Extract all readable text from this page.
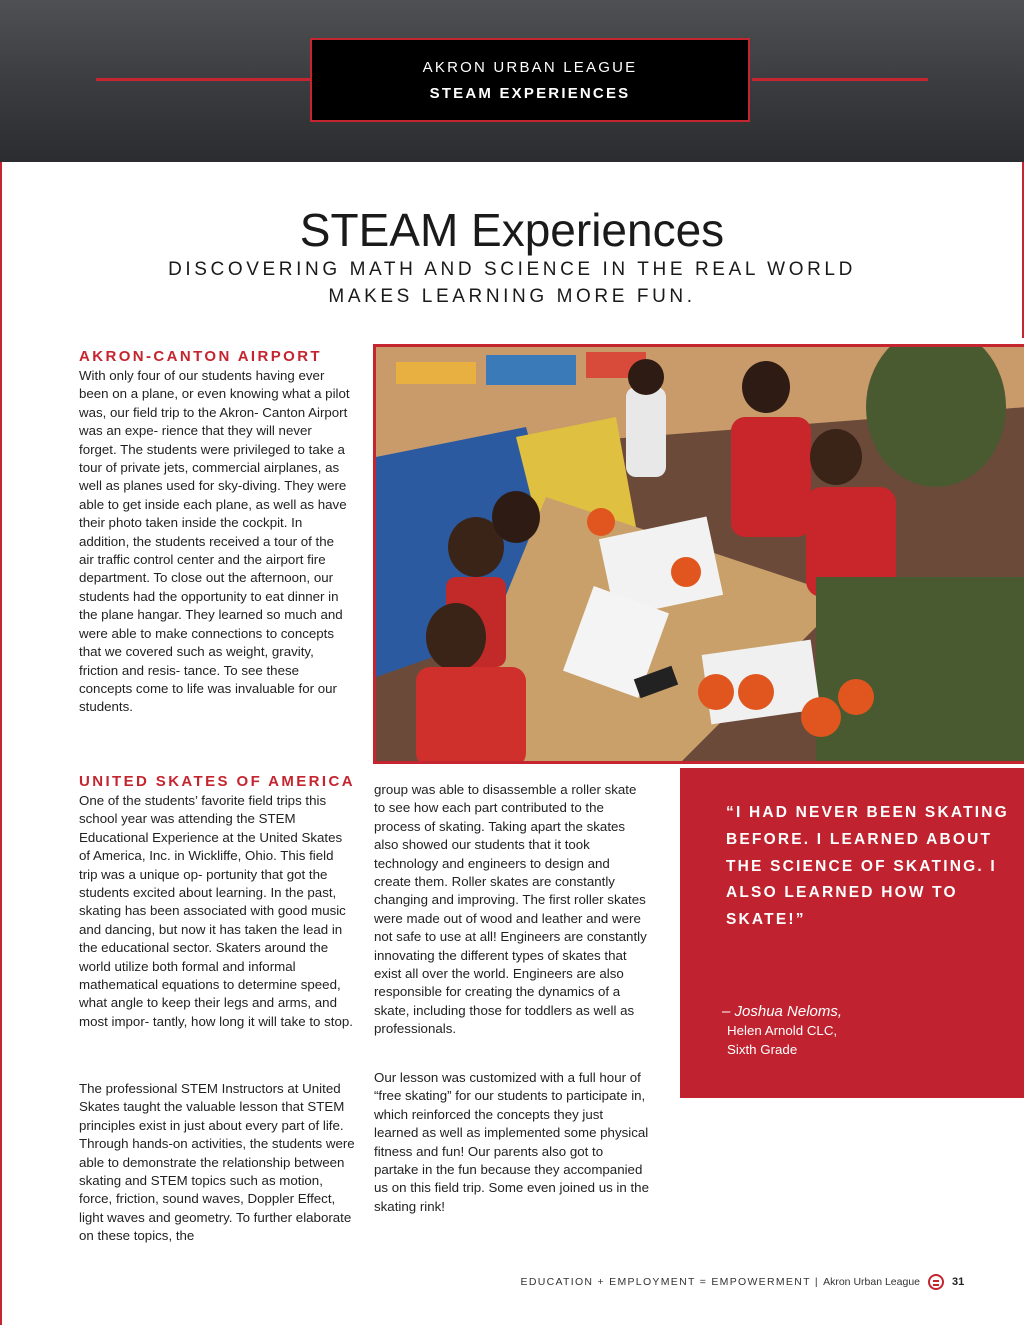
AKRON URBAN LEAGUE
STEAM EXPERIENCES
STEAM Experiences
DISCOVERING MATH AND SCIENCE IN THE REAL WORLD MAKES LEARNING MORE FUN.
AKRON-CANTON AIRPORT
With only four of our students having ever been on a plane, or even knowing what a pilot was, our field trip to the Akron- Canton Airport was an expe- rience that they will never forget. The students were privileged to take a tour of private jets, commercial airplanes, as well as planes used for sky-diving. They were able to get inside each plane, as well as have their photo taken inside the cockpit. In addition, the students received a tour of the air traffic control center and the airport fire department. To close out the afternoon, our students had the opportunity to eat dinner in the plane hangar. They learned so much and were able to make connections to concepts that we covered such as weight, gravity, friction and resis- tance. To see these concepts come to life was invaluable for our students.
UNITED SKATES OF AMERICA
One of the students’ favorite field trips this school year was attending the STEM Educational Experience at the United Skates of America, Inc. in Wickliffe, Ohio. This field trip was a unique op- portunity that got the students excited about learning. In the past, skating has been associated with good music and dancing, but now it has taken the lead in the educational sector. Skaters around the world utilize both formal and informal mathematical equations to determine speed, what angle to keep their legs and arms, and most impor- tantly, how long it will take to stop.
The professional STEM Instructors at United Skates taught the valuable lesson that STEM principles exist in just about every part of life. Through hands-on activities, the students were able to demonstrate the relationship between skating and STEM topics such as motion, force, friction, sound waves, Doppler Effect, light waves and geometry. To further elaborate on these topics, the
group was able to disassemble a roller skate to see how each part contributed to the process of skating. Taking apart the skates also showed our students that it took technology and engineers to design and create them. Roller skates are constantly changing and improving. The first roller skates were made out of wood and leather and were not safe to use at all! Engineers are constantly innovating the different types of skates that exist all over the world. Engineers are also responsible for creating the dynamics of a skate, including those for toddlers as well as professionals.
Our lesson was customized with a full hour of “free skating” for our students to participate in, which reinforced the concepts they just learned as well as implemented some physical fitness and fun! Our parents also got to partake in the fun because they accompanied us on this field trip. Some even joined us in the skating rink!
“I HAD NEVER BEEN SKATING BEFORE. I LEARNED ABOUT THE SCIENCE OF SKATING. I ALSO LEARNED HOW TO SKATE!”
– Joshua Neloms,
Helen Arnold CLC,
Sixth Grade
EDUCATION + EMPLOYMENT = EMPOWERMENT | Akron Urban League	31
